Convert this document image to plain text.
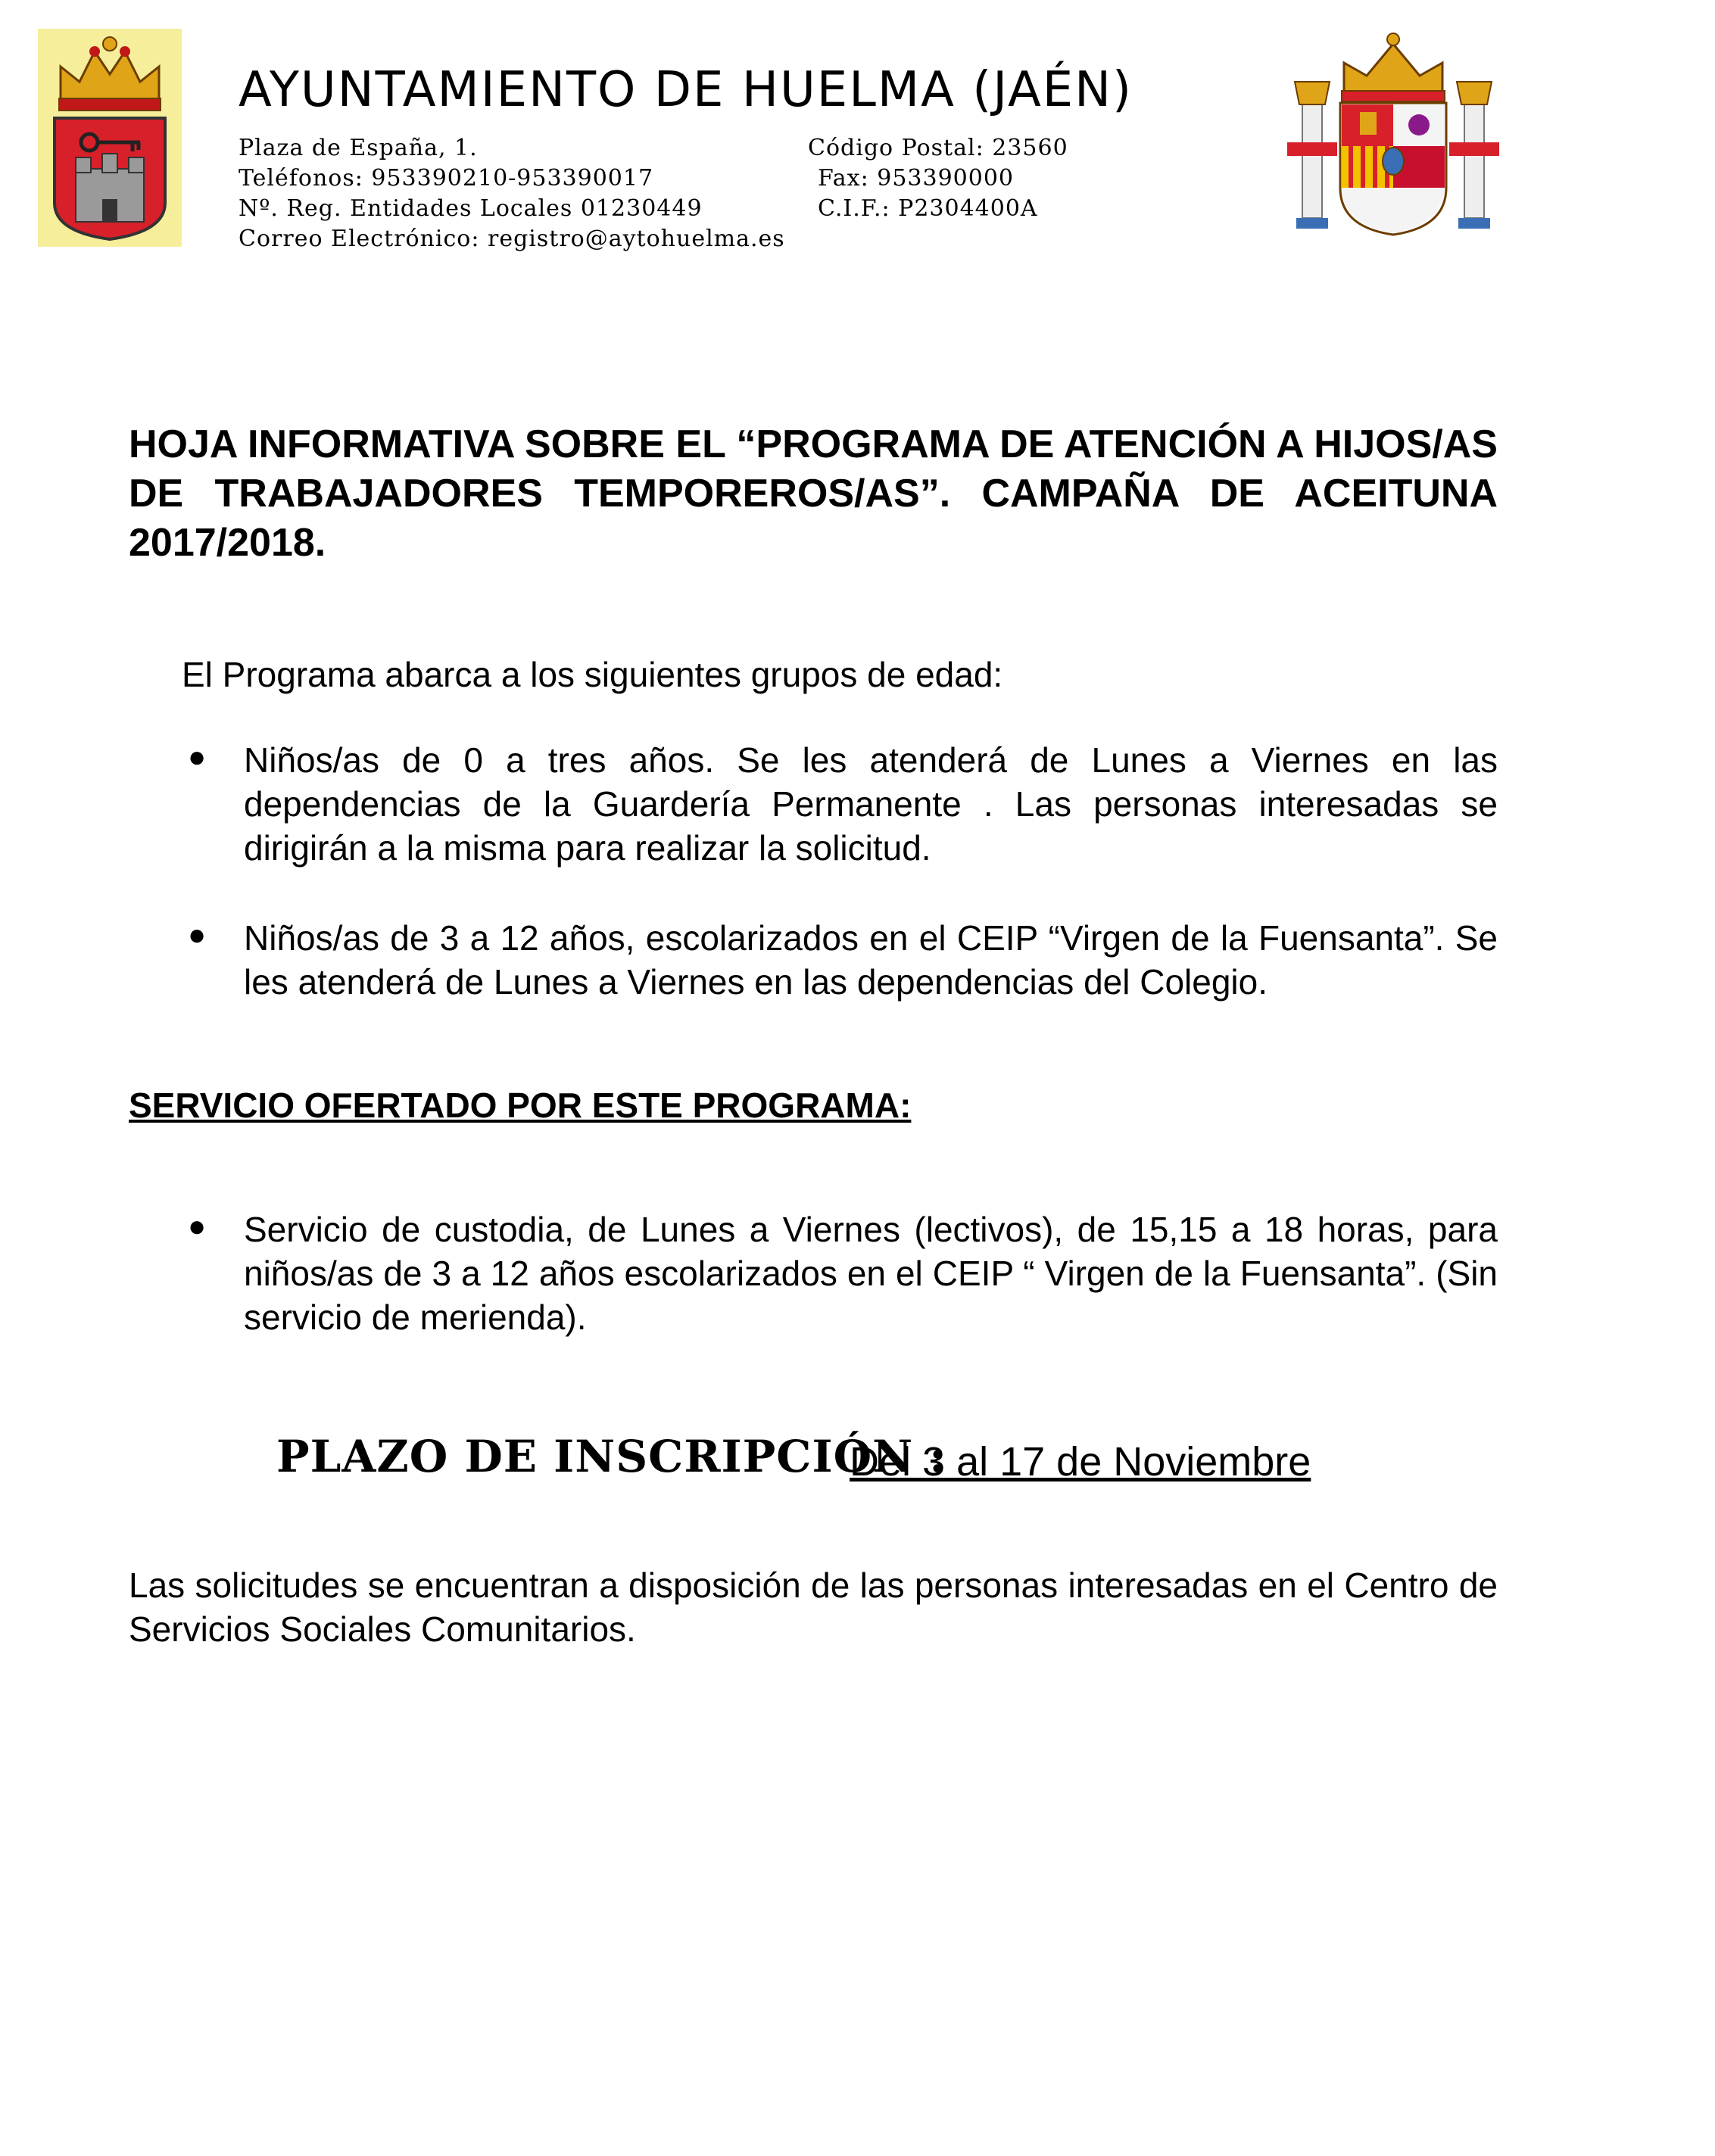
AYUNTAMIENTO DE HUELMA (JAÉN)
Plaza de España, 1.	Código Postal: 23560
Teléfonos: 953390210-953390017	Fax: 953390000
Nº. Reg. Entidades Locales 01230449	C.I.F.: P2304400A
Correo Electrónico: registro@aytohuelma.es
HOJA INFORMATIVA SOBRE EL “PROGRAMA DE ATENCIÓN A HIJOS/AS DE TRABAJADORES TEMPOREROS/AS”. CAMPAÑA DE ACEITUNA 2017/2018.
El Programa abarca a los siguientes grupos de edad:
● Niños/as de 0 a tres años. Se les atenderá de Lunes a Viernes en las dependencias de la Guardería Permanente . Las personas interesadas se dirigirán a la misma para realizar la solicitud.
● Niños/as de 3 a 12 años, escolarizados en el CEIP “Virgen de la Fuensanta”. Se les atenderá de Lunes a Viernes en las dependencias del Colegio.
SERVICIO OFERTADO POR ESTE PROGRAMA:
● Servicio de custodia, de Lunes a Viernes (lectivos), de 15,15 a 18 horas, para niños/as de 3 a 12 años escolarizados en el CEIP “ Virgen de la Fuensanta”. (Sin servicio de merienda).
PLAZO DE INSCRIPCIÓN :
Del 3 al 17 de Noviembre
Las solicitudes se encuentran a disposición de las personas interesadas en el Centro de Servicios Sociales Comunitarios.
